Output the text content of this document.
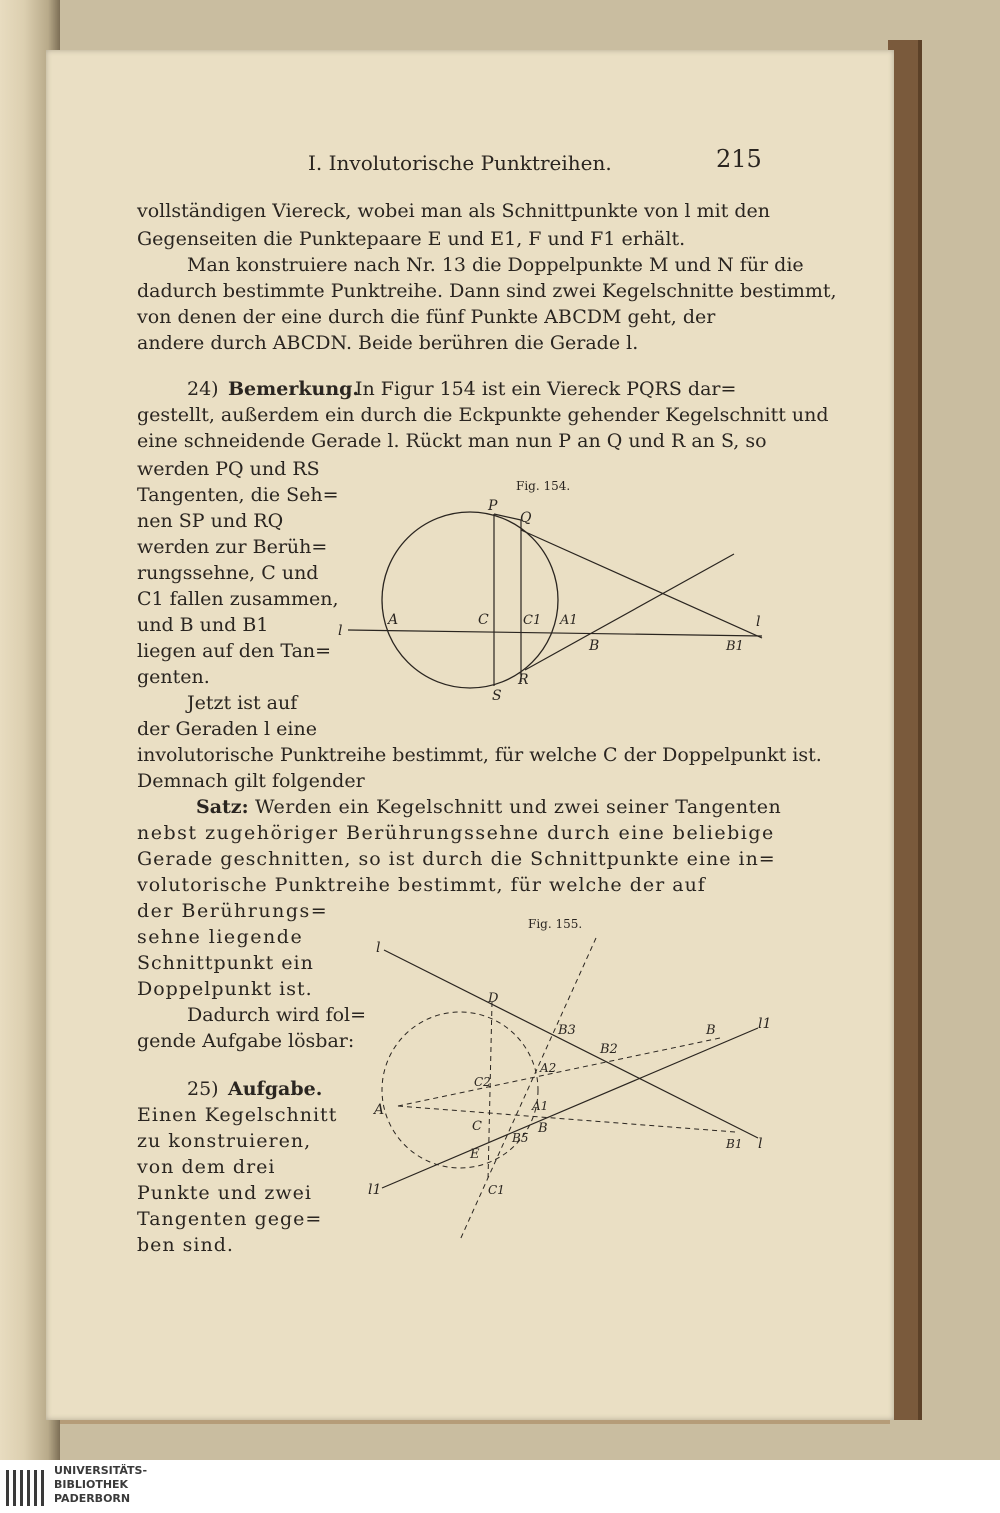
I. Involutorische Punktreihen.	215
vollständigen Viereck, wobei man als Schnittpunkte von l mit den
Gegenseiten die Punktepaare E und E1, F und F1 erhält.
Man konstruiere nach Nr. 13 die Doppelpunkte M und N für die
dadurch bestimmte Punktreihe. Dann sind zwei Kegelschnitte bestimmt,
von denen der eine durch die fünf Punkte ABCDM geht, der
andere durch ABCDN. Beide berühren die Gerade l.
24) Bemerkung.
In Figur 154 ist ein Viereck PQRS dar=
gestellt, außerdem ein durch die Eckpunkte gehender Kegelschnitt und
eine schneidende Gerade l. Rückt man nun P an Q und R an S, so
werden PQ und RS
Tangenten, die Seh=
nen SP und RQ
werden zur Berüh=
rungssehne, C und
C1 fallen zusammen,
und B und B1
liegen auf den Tan=
genten.
Jetzt ist auf
der Geraden l eine
involutorische Punktreihe bestimmt, für welche C der Doppelpunkt ist.
Demnach gilt folgender
Satz: Werden ein Kegelschnitt und zwei seiner Tangenten
nebst zugehöriger Berührungssehne durch eine beliebige
Gerade geschnitten, so ist durch die Schnittpunkte eine in=
volutorische Punktreihe bestimmt, für welche der auf
der Berührungs=
sehne liegende
Schnittpunkt ein
Doppelpunkt ist.
Dadurch wird fol=
gende Aufgabe lösbar:
25) Aufgabe.
Einen Kegelschnitt
zu konstruieren,
von dem drei
Punkte und zwei
Tangenten gege=
ben sind.
Fig. 154.
l
l
P
Q
A	C	C1 A1
B	B1
R
S
Fig. 155.
l
D
B3
B2
B	l1
C2
A2
A	A1
C	B
B5	B1 l
E
l1	C1
UNIVERSITÄTS-
BIBLIOTHEK
PADERBORN
